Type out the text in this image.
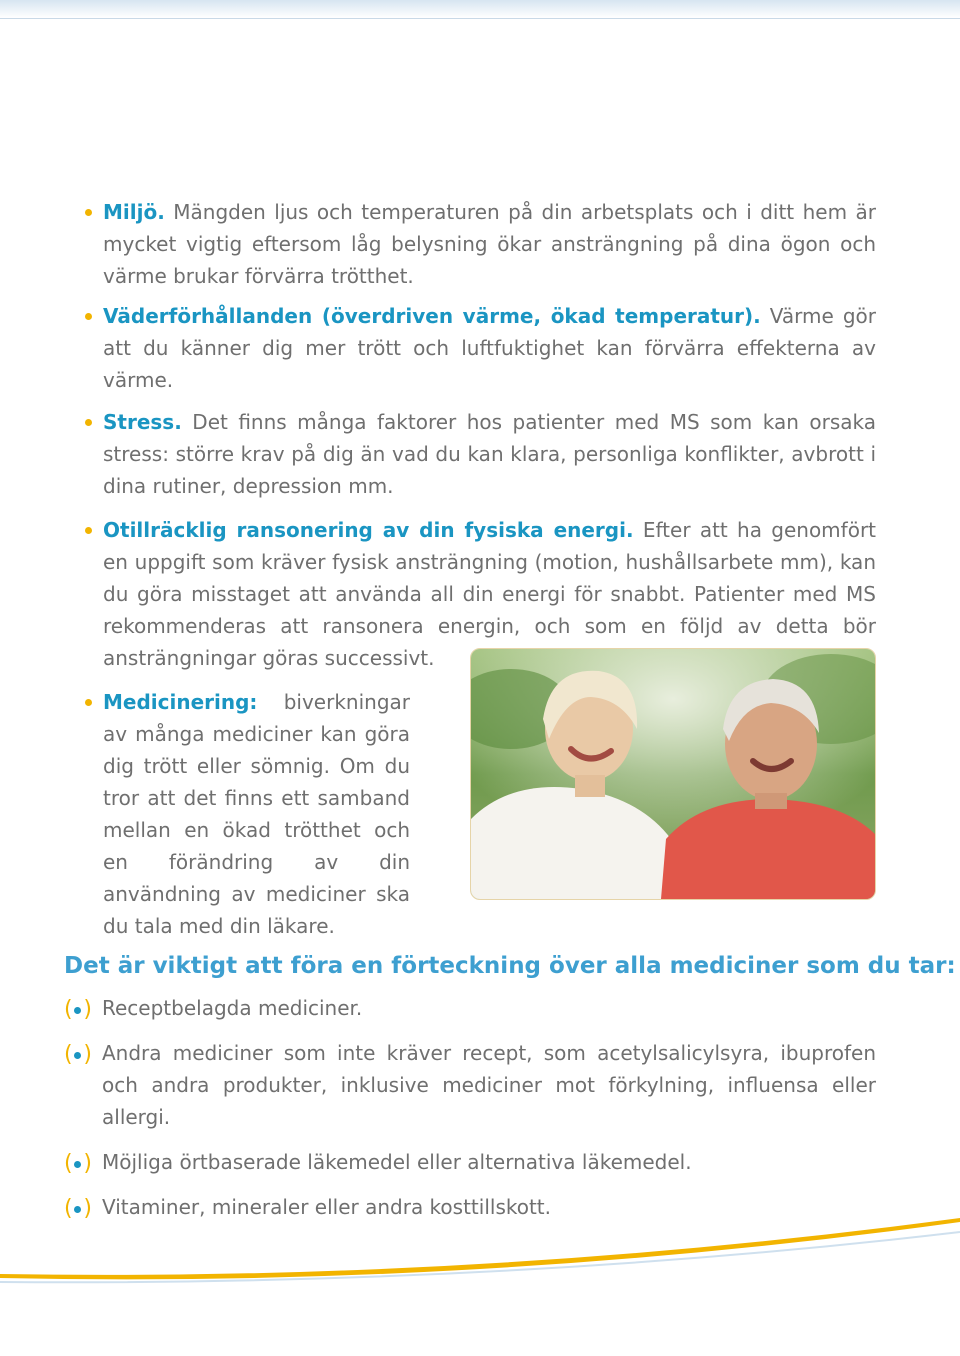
Miljö. Mängden ljus och temperaturen på din arbetsplats och i ditt hem är mycket vigtig eftersom låg belysning ökar ansträngning på dina ögon och värme brukar förvärra trötthet.
Väderförhållanden (överdriven värme, ökad temperatur). Värme gör att du känner dig mer trött och luftfuktighet kan förvärra effekterna av värme.
Stress. Det finns många faktorer hos patienter med MS som kan orsaka stress: större krav på dig än vad du kan klara, personliga konflikter, avbrott i dina rutiner, depression mm.
Otillräcklig ransonering av din fysiska energi. Efter att ha genomfört en uppgift som kräver fysisk ansträngning (motion, hushållsarbete mm), kan du göra misstaget att använda all din energi för snabbt. Patienter med MS rekommenderas att ransonera energin, och som en följd av detta bör ansträngningar göras successivt.
Medicinering: biverkningar av många mediciner kan göra dig trött eller sömnig. Om du tror att det finns ett samband mellan en ökad trötthet och en förändring av din användning av mediciner ska du tala med din läkare.
Det är viktigt att föra en förteckning över alla mediciner som du tar:
( ) Receptbelagda mediciner.
( ) Andra mediciner som inte kräver recept, som acetylsalicylsyra, ibuprofen och andra produkter, inklusive mediciner mot förkylning, influensa eller allergi.
( ) Möjliga örtbaserade läkemedel eller alternativa läkemedel.
( ) Vitaminer, mineraler eller andra kosttillskott.
